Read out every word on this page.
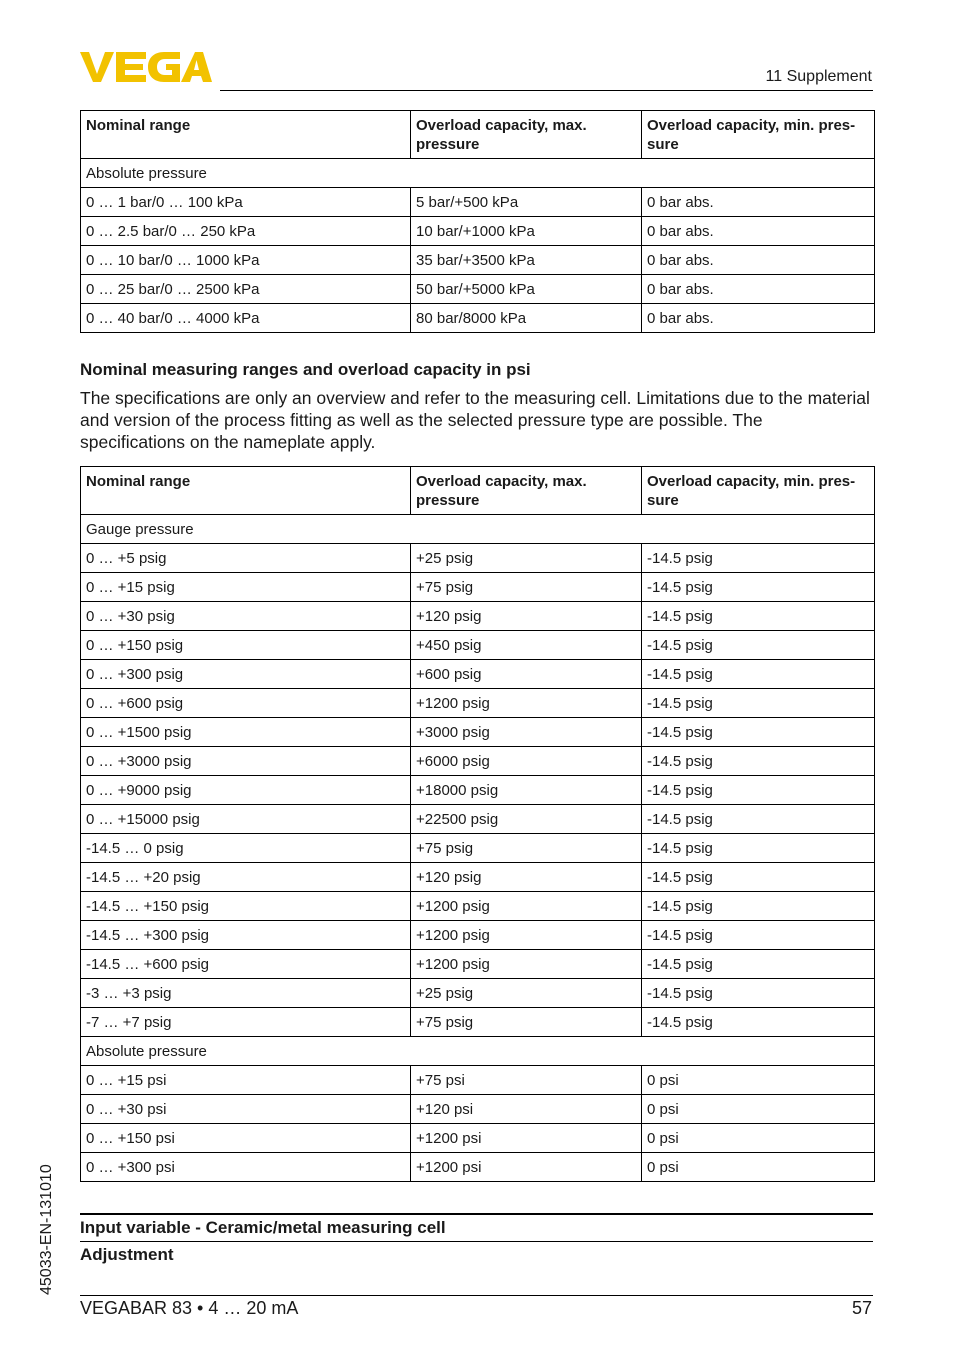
11 Supplement
Nominal range	Overload capacity, max. pressure	Overload capacity, min. pres-sure
Absolute pressure		
0 … 1 bar/0 … 100 kPa	5 bar/+500 kPa	0 bar abs.
0 … 2.5 bar/0 … 250 kPa	10 bar/+1000 kPa	0 bar abs.
0 … 10 bar/0 … 1000 kPa	35 bar/+3500 kPa	0 bar abs.
0 … 25 bar/0 … 2500 kPa	50 bar/+5000 kPa	0 bar abs.
0 … 40 bar/0 … 4000 kPa	80 bar/8000 kPa	0 bar abs.
Nominal measuring ranges and overload capacity in psi
The specifications are only an overview and refer to the measuring cell. Limitations due to the material and version of the process fitting as well as the selected pressure type are possible. The specifications on the nameplate apply.
Nominal range	Overload capacity, max. pressure	Overload capacity, min. pres-sure
Gauge pressure		
0 … +5 psig	+25 psig	-14.5 psig
0 … +15 psig	+75 psig	-14.5 psig
0 … +30 psig	+120 psig	-14.5 psig
0 … +150 psig	+450 psig	-14.5 psig
0 … +300 psig	+600 psig	-14.5 psig
0 … +600 psig	+1200 psig	-14.5 psig
0 … +1500 psig	+3000 psig	-14.5 psig
0 … +3000 psig	+6000 psig	-14.5 psig
0 … +9000 psig	+18000 psig	-14.5 psig
0 … +15000 psig	+22500 psig	-14.5 psig
-14.5 … 0 psig	+75 psig	-14.5 psig
-14.5 … +20 psig	+120 psig	-14.5 psig
-14.5 … +150 psig	+1200 psig	-14.5 psig
-14.5 … +300 psig	+1200 psig	-14.5 psig
-14.5 … +600 psig	+1200 psig	-14.5 psig
-3 … +3 psig	+25 psig	-14.5 psig
-7 … +7 psig	+75 psig	-14.5 psig
Absolute pressure		
0 … +15 psi	+75 psi	0 psi
0 … +30 psi	+120 psi	0 psi
0 … +150 psi	+1200 psi	0 psi
0 … +300 psi	+1200 psi	0 psi
Input variable - Ceramic/metal measuring cell
Adjustment
45033-EN-131010
VEGABAR 83 • 4 … 20 mA	57
